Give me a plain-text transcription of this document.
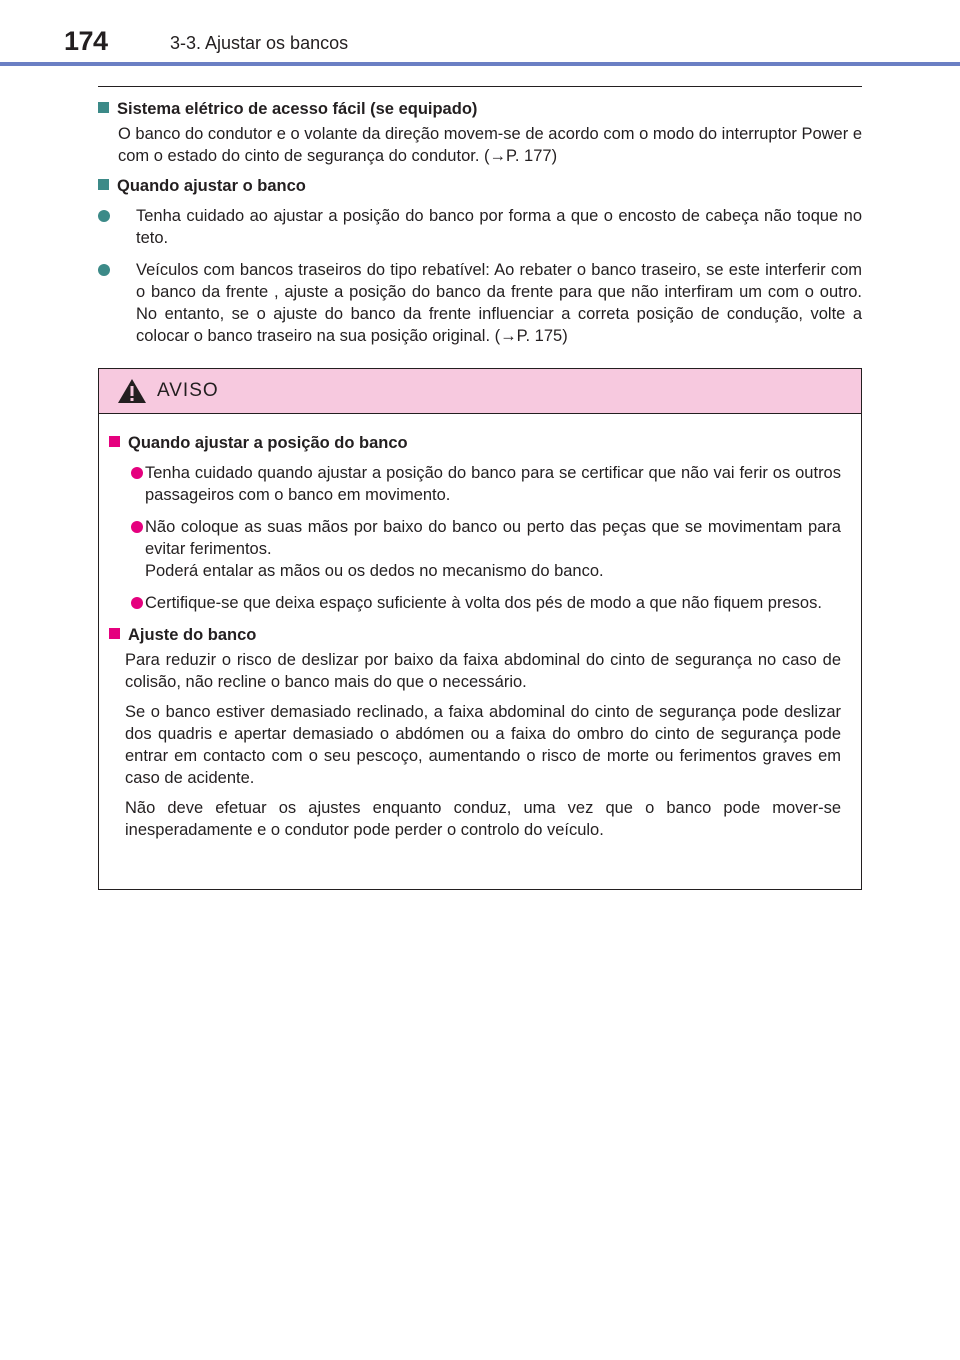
174	3-3. Ajustar os bancos
Sistema elétrico de acesso fácil (se equipado)
O banco do condutor e o volante da direção movem-se de acordo com o modo do interruptor Power e com o estado do cinto de segurança do condutor. (→P. 177)
Quando ajustar o banco
Tenha cuidado ao ajustar a posição do banco por forma a que o encosto de cabeça não toque no teto.
Veículos com bancos traseiros do tipo rebatível: Ao rebater o banco traseiro, se este interferir com o banco da frente , ajuste a posição do banco da frente para que não interfiram um com o outro. No entanto, se o ajuste do banco da frente influenciar a correta posição de condução, volte a colocar o banco traseiro na sua posição original. (→P. 175)
AVISO
Quando ajustar a posição do banco
Tenha cuidado quando ajustar a posição do banco para se certificar que não vai ferir os outros passageiros com o banco em movimento.
Não coloque as suas mãos por baixo do banco ou perto das peças que se movimentam para evitar ferimentos.
Poderá entalar as mãos ou os dedos no mecanismo do banco.
Certifique-se que deixa espaço suficiente à volta dos pés de modo a que não fiquem presos.
Ajuste do banco
Para reduzir o risco de deslizar por baixo da faixa abdominal do cinto de segurança no caso de colisão, não recline o banco mais do que o necessário.
Se o banco estiver demasiado reclinado, a faixa abdominal do cinto de segurança pode deslizar dos quadris e apertar demasiado o abdómen ou a faixa do ombro do cinto de segurança pode entrar em contacto com o seu pescoço, aumentando o risco de morte ou ferimentos graves em caso de acidente.
Não deve efetuar os ajustes enquanto conduz, uma vez que o banco pode mover-se inesperadamente e o condutor pode perder o controlo do veículo.
